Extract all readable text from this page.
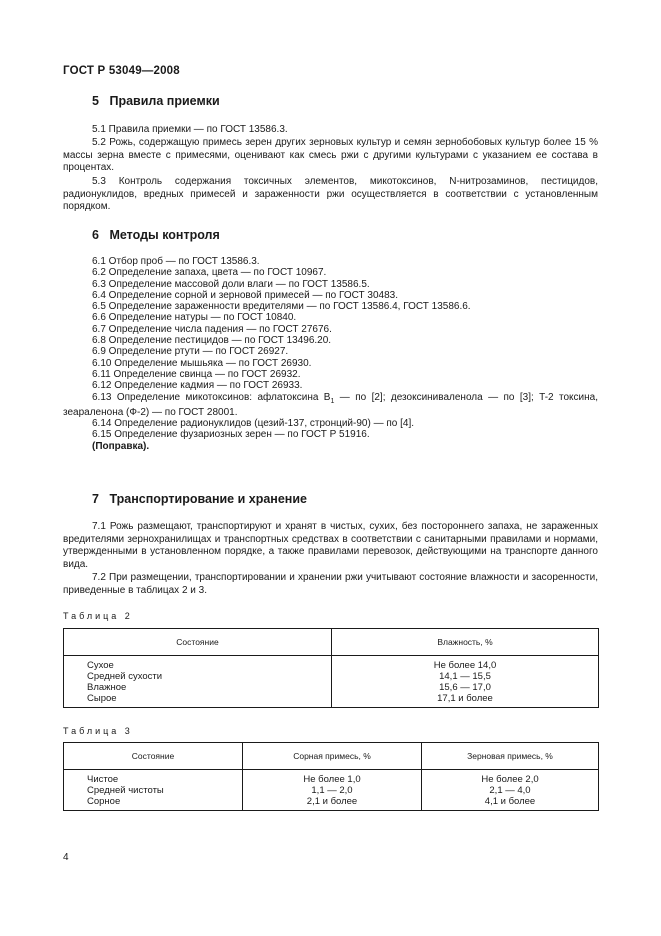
ГОСТ Р 53049—2008
5 Правила приемки

5.1 Правила приемки — по ГОСТ 13586.3.

5.2 Рожь, содержащую примесь зерен других зерновых культур и семян зернобобовых культур более 15 % массы зерна вместе с примесями, оценивают как смесь ржи с другими культурами с указанием ее состава в процентах.

5.3 Контроль содержания токсичных элементов, микотоксинов, N-нитрозаминов, пестицидов, радионуклидов, вредных примесей и зараженности ржи осуществляется в соответствии с установленным порядком.

6 Методы контроля
6.1 Отбор проб — по ГОСТ 13586.3.
6.2 Определение запаха, цвета — по ГОСТ 10967.
6.3 Определение массовой доли влаги — по ГОСТ 13586.5.
6.4 Определение сорной и зерновой примесей — по ГОСТ 30483.
6.5 Определение зараженности вредителями — по ГОСТ 13586.4, ГОСТ 13586.6.
6.6 Определение натуры — по ГОСТ 10840.
6.7 Определение числа падения — по ГОСТ 27676.
6.8 Определение пестицидов — по ГОСТ 13496.20.
6.9 Определение ртути — по ГОСТ 26927.
6.10 Определение мышьяка — по ГОСТ 26930.
6.11 Определение свинца — по ГОСТ 26932.
6.12 Определение кадмия — по ГОСТ 26933.
6.13 Определение микотоксинов: афлатоксина $B_1$ — по [2]; дезоксиниваленола — по [3]; T-2 токсина, зеараленона (Ф-2) — по ГОСТ 28001.
6.14 Определение радионуклидов (цезий-137, стронций-90) — по [4].
6.15 Определение фузариозных зерен — по ГОСТ Р 51916.
(Поправка).
7 Транспортирование и хранение

7.1 Рожь размещают, транспортируют и хранят в чистых, сухих, без постороннего запаха, не зараженных вредителями зернохранилищах и транспортных средствах в соответствии с санитарными правилами и нормами, утвержденными в установленном порядке, а также правилами перевозок, действующими на транспорте данного вида.

7.2 При размещении, транспортировании и хранении ржи учитывают состояние влажности и засоренности, приведенные в таблицах 2 и 3.

Таблица 2
Состояние	Влажность, %
Сухое	Не более 14,0
Средней сухости	14,1 — 15,5
Влажное	15,6 — 17,0
Сырое	17,1 и более
Таблица 3
Состояние	Сорная примесь, %	Зерновая примесь, %
Чистое	Не более 1,0	Не более 2,0
Средней чистоты	1,1 — 2,0	2,1 — 4,0
Сорное	2,1 и более	4,1 и более
4
